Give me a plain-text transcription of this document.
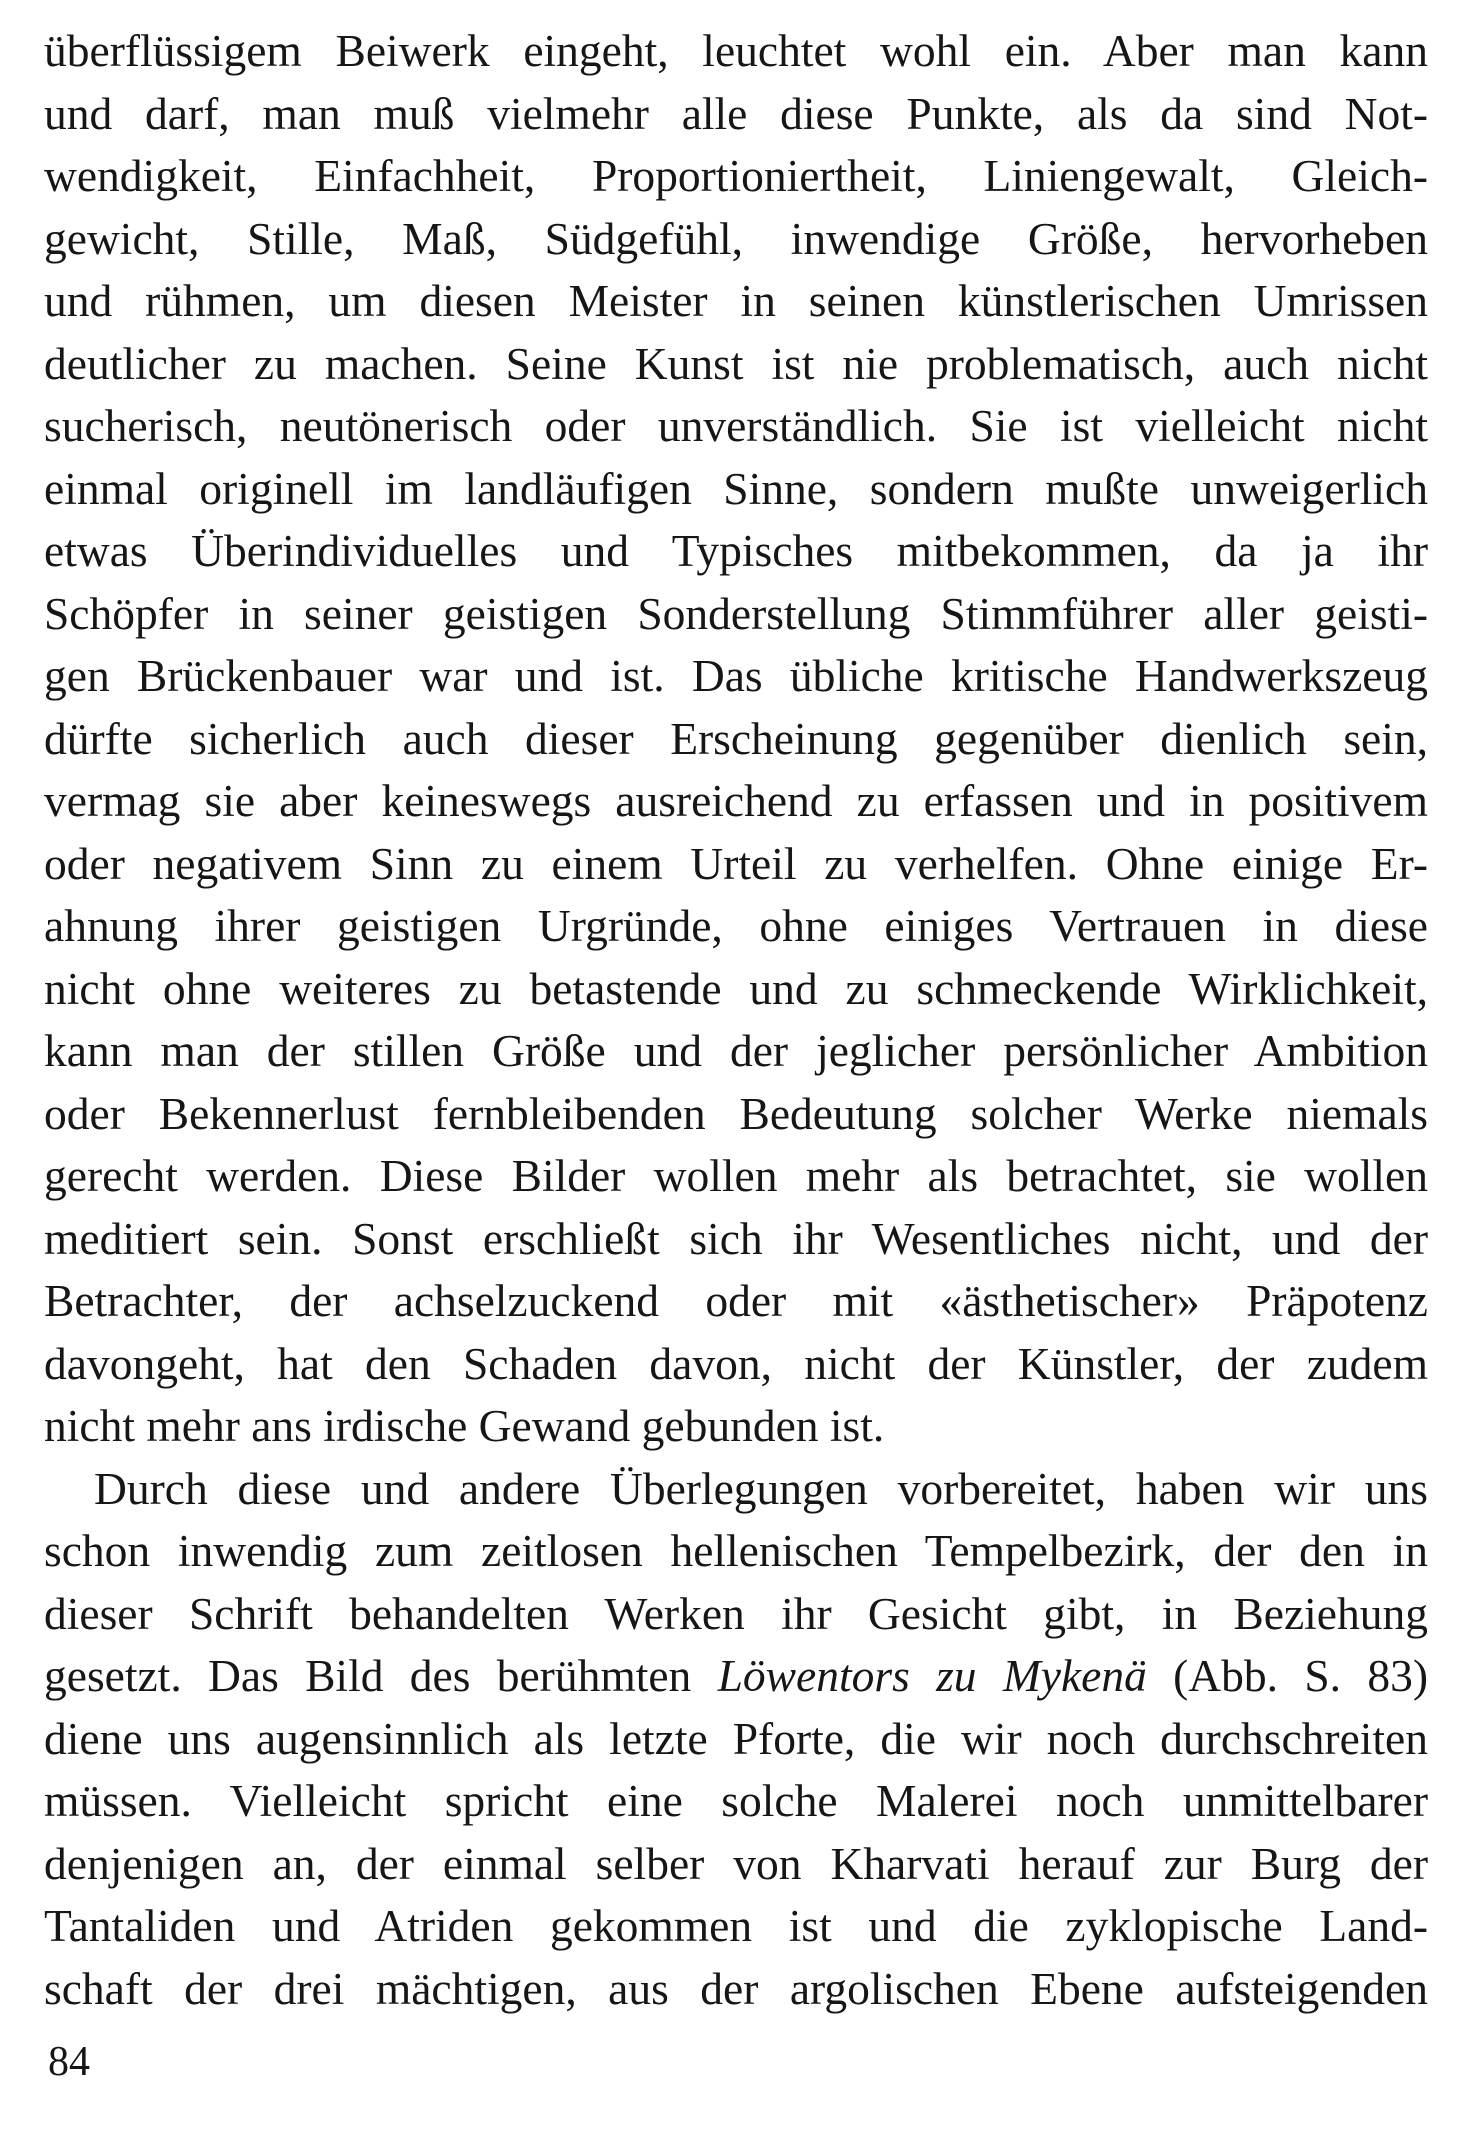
überflüssigem Beiwerk eingeht, leuchtet wohl ein. Aber man kann
und darf, man muß vielmehr alle diese Punkte, als da sind Not-
wendigkeit, Einfachheit, Proportioniertheit, Liniengewalt, Gleich-
gewicht, Stille, Maß, Südgefühl, inwendige Größe, hervorheben
und rühmen, um diesen Meister in seinen künstlerischen Umrissen
deutlicher zu machen. Seine Kunst ist nie problematisch, auch nicht
sucherisch, neutönerisch oder unverständlich. Sie ist vielleicht nicht
einmal originell im landläufigen Sinne, sondern mußte unweigerlich
etwas Überindividuelles und Typisches mitbekommen, da ja ihr
Schöpfer in seiner geistigen Sonderstellung Stimmführer aller geisti-
gen Brückenbauer war und ist. Das übliche kritische Handwerkszeug
dürfte sicherlich auch dieser Erscheinung gegenüber dienlich sein,
vermag sie aber keineswegs ausreichend zu erfassen und in positivem
oder negativem Sinn zu einem Urteil zu verhelfen. Ohne einige Er-
ahnung ihrer geistigen Urgründe, ohne einiges Vertrauen in diese
nicht ohne weiteres zu betastende und zu schmeckende Wirklichkeit,
kann man der stillen Größe und der jeglicher persönlicher Ambition
oder Bekennerlust fernbleibenden Bedeutung solcher Werke niemals
gerecht werden. Diese Bilder wollen mehr als betrachtet, sie wollen
meditiert sein. Sonst erschließt sich ihr Wesentliches nicht, und der
Betrachter, der achselzuckend oder mit «ästhetischer» Präpotenz
davongeht, hat den Schaden davon, nicht der Künstler, der zudem
nicht mehr ans irdische Gewand gebunden ist.

Durch diese und andere Überlegungen vorbereitet, haben wir uns
schon inwendig zum zeitlosen hellenischen Tempelbezirk, der den in
dieser Schrift behandelten Werken ihr Gesicht gibt, in Beziehung
gesetzt. Das Bild des berühmten Löwentors zu Mykenä (Abb. S. 83)
diene uns augensinnlich als letzte Pforte, die wir noch durchschreiten
müssen. Vielleicht spricht eine solche Malerei noch unmittelbarer
denjenigen an, der einmal selber von Kharvati herauf zur Burg der
Tantaliden und Atriden gekommen ist und die zyklopische Land-
schaft der drei mächtigen, aus der argolischen Ebene aufsteigenden

84
